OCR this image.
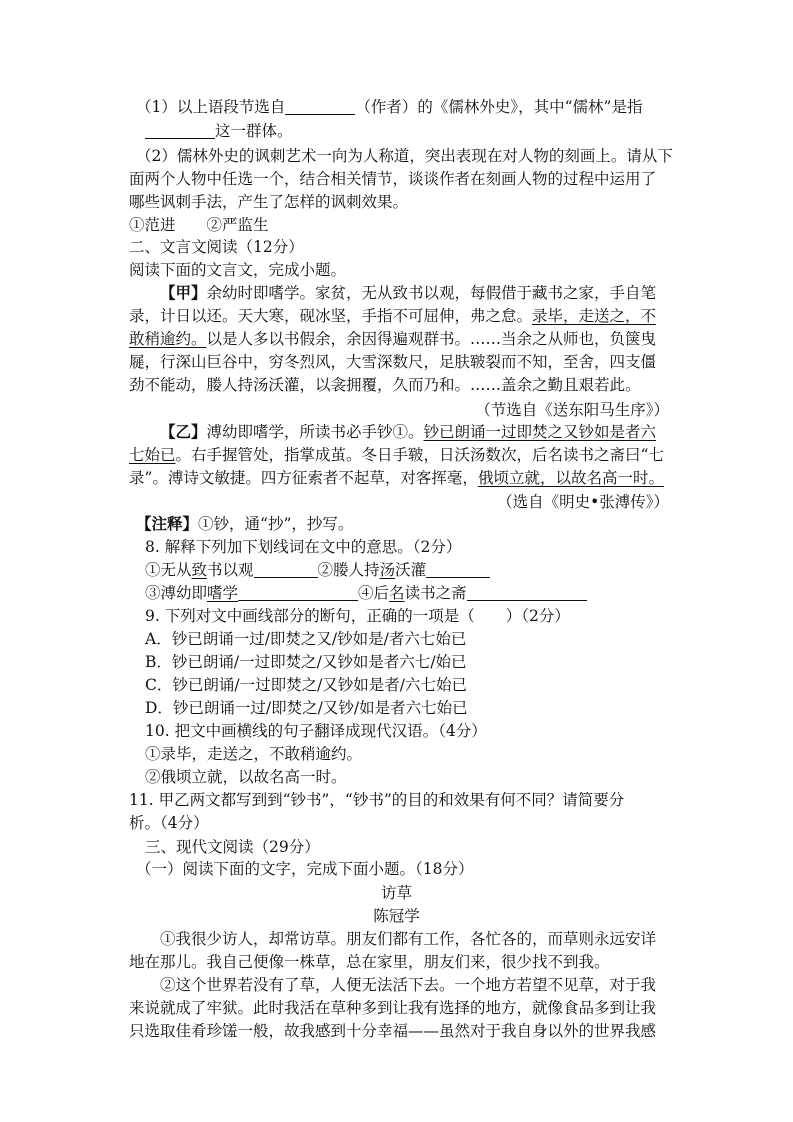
（1）以上语段节选自	（作者）的《儒林外史》，其中“儒林”是指
这一群体。
（2）儒林外史的讽刺艺术一向为人称道，突出表现在对人物的刻画上。请从下
面两个人物中任选一个，结合相关情节，谈谈作者在刻画人物的过程中运用了
哪些讽刺手法，产生了怎样的讽刺效果。
①范进　　②严监生
二、文言文阅读（12分）
阅读下面的文言文，完成小题。
【甲】余幼时即嗜学。家贫，无从致书以观，每假借于藏书之家，手自笔
录，计日以还。天大寒，砚冰坚，手指不可屈伸，弗之怠。录毕，走送之，不
敢稍逾约。以是人多以书假余，余因得遍观群书。……当余之从师也，负箧曳
屣，行深山巨谷中，穷冬烈风，大雪深数尺，足肤皲裂而不知，至舍，四支僵
劲不能动，媵人持汤沃灌，以衾拥覆，久而乃和。……盖余之勤且艰若此。
（节选自《送东阳马生序》）
【乙】溥幼即嗜学，所读书必手钞①。钞已朗诵一过即焚之又钞如是者六
七始已。右手握管处，指掌成茧。冬日手皲，日沃汤数次，后名读书之斋曰“七
录”。溥诗文敏捷。四方征索者不起草，对客挥毫，俄顷立就，以故名高一时。
（选自《明史•张溥传》）
【注释】①钞，通“抄”，抄写。
8. 解释下列加下划线词在文中的意思。（2分）
①无从致书以观	②媵人持汤沃灌
③溥幼即嗜学	④后名读书之斋
9. 下列对文中画线部分的断句，正确的一项是（　　）（2分）
A．钞已朗诵一过/即焚之又/钞如是/者六七始已
B．钞已朗诵/一过即焚之/又钞如是者六七/始已
C．钞已朗诵/一过即焚之/又钞如是者/六七始已
D．钞已朗诵一过/即焚之/又钞/如是者六七始已
10. 把文中画横线的句子翻译成现代汉语。（4分）
①录毕，走送之，不敢稍逾约。
②俄顷立就，以故名高一时。
11. 甲乙两文都写到到“钞书”，“钞书”的目的和效果有何不同？请简要分
析。（4分）
三、现代文阅读（29分）
（一）阅读下面的文字，完成下面小题。（18分）
访草
陈冠学
①我很少访人，却常访草。朋友们都有工作，各忙各的，而草则永远安详
地在那儿。我自己便像一株草，总在家里，朋友们来，很少找不到我。
②这个世界若没有了草，人便无法活下去。一个地方若望不见草，对于我
来说就成了牢狱。此时我活在草种多到让我有选择的地方，就像食品多到让我
只选取佳肴珍馐一般，故我感到十分幸福——虽然对于我自身以外的世界我感
